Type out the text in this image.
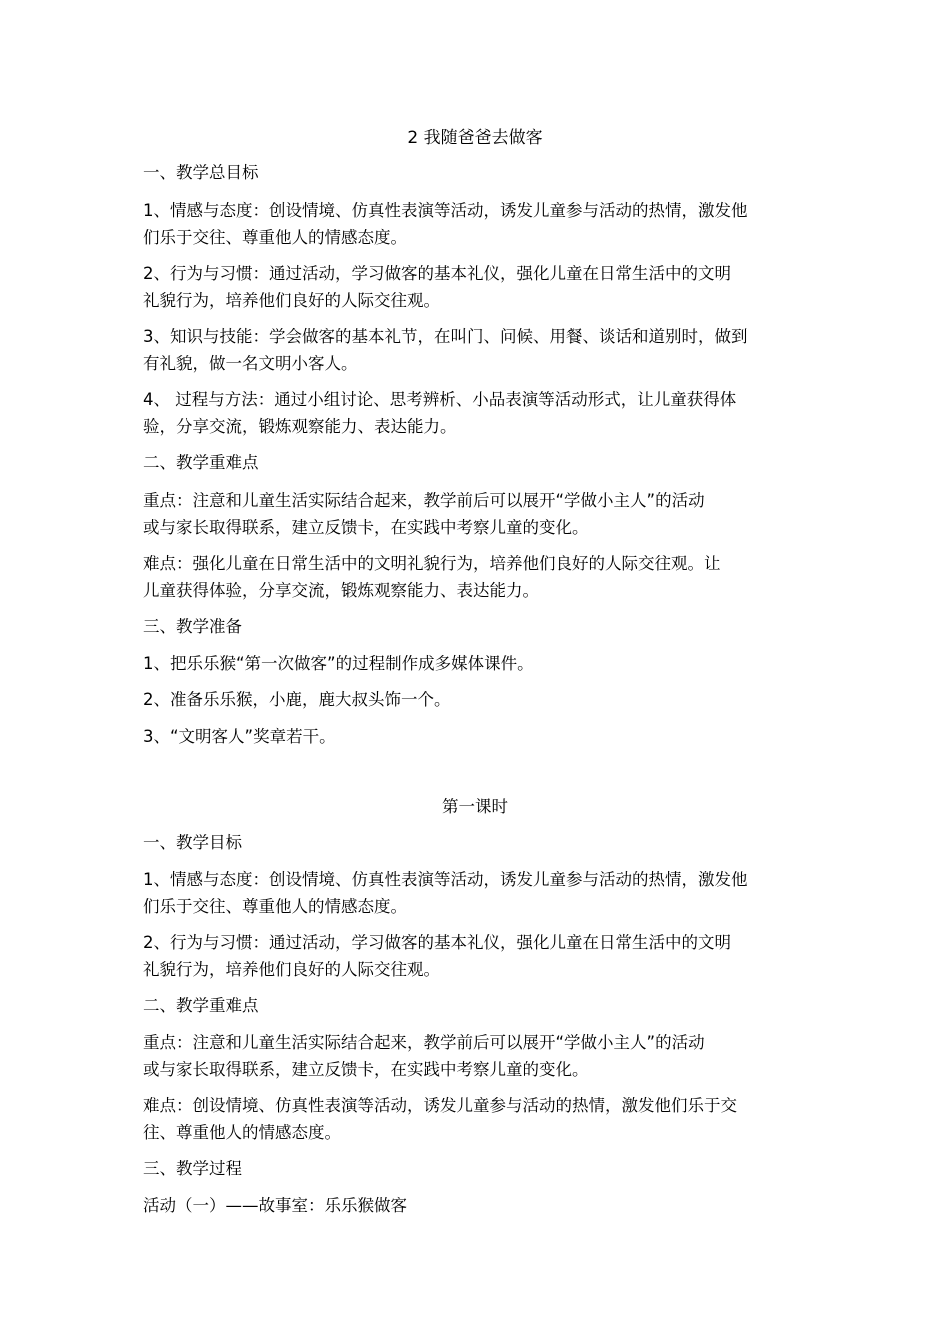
2 我随爸爸去做客
一、教学总目标
1、情感与态度：创设情境、仿真性表演等活动，诱发儿童参与活动的热情，激发他
们乐于交往、尊重他人的情感态度。
2、行为与习惯：通过活动，学习做客的基本礼仪，强化儿童在日常生活中的文明
礼貌行为，培养他们良好的人际交往观。
3、知识与技能：学会做客的基本礼节，在叫门、问候、用餐、谈话和道别时，做到
有礼貌，做一名文明小客人。
4、 过程与方法：通过小组讨论、思考辨析、小品表演等活动形式，让儿童获得体
验，分享交流，锻炼观察能力、表达能力。
二、教学重难点
重点：注意和儿童生活实际结合起来，教学前后可以展开“学做小主人”的活动
或与家长取得联系，建立反馈卡，在实践中考察儿童的变化。
难点：强化儿童在日常生活中的文明礼貌行为，培养他们良好的人际交往观。让
儿童获得体验，分享交流，锻炼观察能力、表达能力。
三、教学准备
1、把乐乐猴“第一次做客”的过程制作成多媒体课件。
2、准备乐乐猴，小鹿，鹿大叔头饰一个。
3、“文明客人”奖章若干。
第一课时
一、教学目标
1、情感与态度：创设情境、仿真性表演等活动，诱发儿童参与活动的热情，激发他
们乐于交往、尊重他人的情感态度。
2、行为与习惯：通过活动，学习做客的基本礼仪，强化儿童在日常生活中的文明
礼貌行为，培养他们良好的人际交往观。
二、教学重难点
重点：注意和儿童生活实际结合起来，教学前后可以展开“学做小主人”的活动
或与家长取得联系，建立反馈卡，在实践中考察儿童的变化。
难点：创设情境、仿真性表演等活动，诱发儿童参与活动的热情，激发他们乐于交
往、尊重他人的情感态度。
三、教学过程
活动（一）——故事室：乐乐猴做客
